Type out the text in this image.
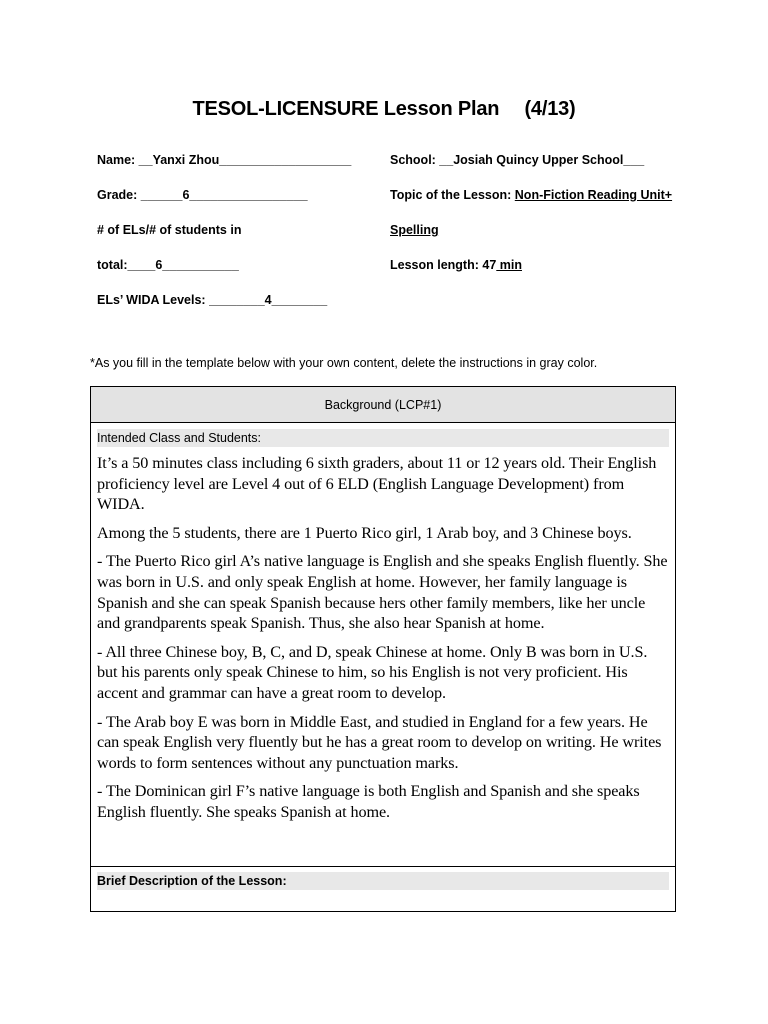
TESOL-LICENSURE Lesson Plan 　(4/13)
Name: __Yanxi Zhou___________________	School: __Josiah Quincy Upper School___
Grade: ______6_________________	Topic of the Lesson: Non-Fiction Reading Unit+
# of ELs/# of students in	Spelling
total:____6___________	Lesson length: 47 min
ELs’ WIDA Levels: ________4________
*As you fill in the template below with your own content, delete the instructions in gray color.
Background (LCP#1)
Intended Class and Students:

It’s a 50 minutes class including 6 sixth graders, about 11 or 12 years old. Their English proficiency level are Level 4 out of 6 ELD (English Language Development) from WIDA.

Among the 5 students, there are 1 Puerto Rico girl, 1 Arab boy, and 3 Chinese boys.

- The Puerto Rico girl A’s native language is English and she speaks English fluently. She was born in U.S. and only speak English at home. However, her family language is Spanish and she can speak Spanish because hers other family members, like her uncle and grandparents speak Spanish. Thus, she also hear Spanish at home.

- All three Chinese boy, B, C, and D, speak Chinese at home. Only B was born in U.S. but his parents only speak Chinese to him, so his English is not very proficient. His accent and grammar can have a great room to develop.

- The Arab boy E was born in Middle East, and studied in England for a few years. He can speak English very fluently but he has a great room to develop on writing. He writes words to form sentences without any punctuation marks.

- The Dominican girl F’s native language is both English and Spanish and she speaks English fluently. She speaks Spanish at home.

Brief Description of the Lesson:
